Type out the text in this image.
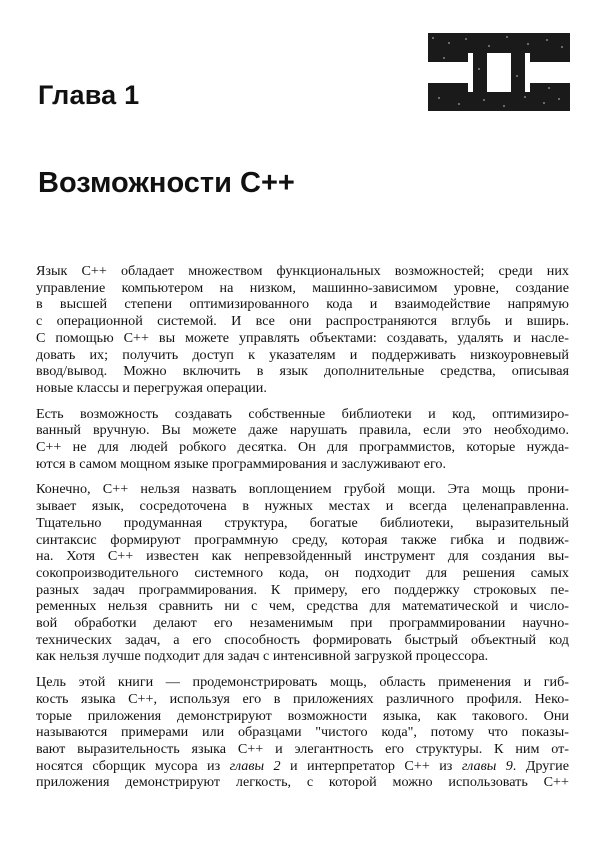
Глава 1
Возможности C++

Язык C++ обладает множеством функциональных возможностей; среди них
управление компьютером на низком, машинно-зависимом уровне, создание
в высшей степени оптимизированного кода и взаимодействие напрямую
с операционной системой. И все они распространяются вглубь и вширь.
С помощью C++ вы можете управлять объектами: создавать, удалять и насле-
довать их; получить доступ к указателям и поддерживать низкоуровневый
ввод/вывод. Можно включить в язык дополнительные средства, описывая
новые классы и перегружая операции.

Есть возможность создавать собственные библиотеки и код, оптимизиро-
ванный вручную. Вы можете даже нарушать правила, если это необходимо.
C++ не для людей робкого десятка. Он для программистов, которые нужда-
ются в самом мощном языке программирования и заслуживают его.

Конечно, C++ нельзя назвать воплощением грубой мощи. Эта мощь прони-
зывает язык, сосредоточена в нужных местах и всегда целенаправленна.
Тщательно продуманная структура, богатые библиотеки, выразительный
синтаксис формируют программную среду, которая также гибка и подвиж-
на. Хотя C++ известен как непревзойденный инструмент для создания вы-
сокопроизводительного системного кода, он подходит для решения самых
разных задач программирования. К примеру, его поддержку строковых пе-
ременных нельзя сравнить ни с чем, средства для математической и число-
вой обработки делают его незаменимым при программировании научно-
технических задач, а его способность формировать быстрый объектный код
как нельзя лучше подходит для задач с интенсивной загрузкой процессора.

Цель этой книги — продемонстрировать мощь, область применения и гиб-
кость языка C++, используя его в приложениях различного профиля. Неко-
торые приложения демонстрируют возможности языка, как такового. Они
называются примерами или образцами "чистого кода", потому что показы-
вают выразительность языка C++ и элегантность его структуры. К ним от-
носятся сборщик мусора из главы 2 и интерпретатор C++ из главы 9. Другие
приложения демонстрируют легкость, с которой можно использовать C++
